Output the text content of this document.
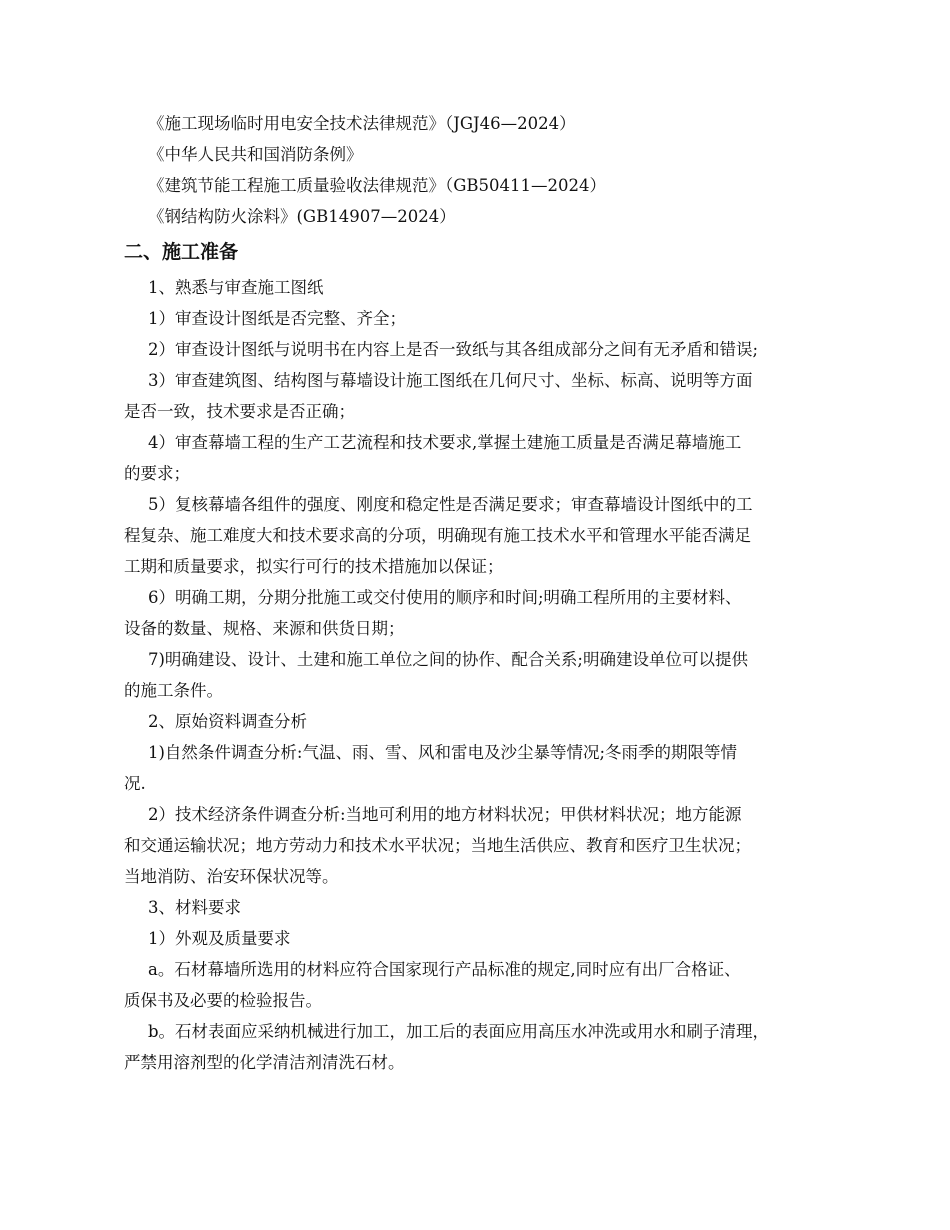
《施工现场临时用电安全技术法律规范》（JGJ46—2024）
《中华人民共和国消防条例》
《建筑节能工程施工质量验收法律规范》（GB50411—2024）
《钢结构防火涂料》(GB14907—2024）
二、施工准备
1、熟悉与审查施工图纸
1）审查设计图纸是否完整、齐全；
2）审查设计图纸与说明书在内容上是否一致纸与其各组成部分之间有无矛盾和错误;
3）审查建筑图、结构图与幕墙设计施工图纸在几何尺寸、坐标、标高、说明等方面
是否一致，技术要求是否正确；
4）审查幕墙工程的生产工艺流程和技术要求,掌握土建施工质量是否满足幕墙施工
的要求；
5）复核幕墙各组件的强度、刚度和稳定性是否满足要求；审查幕墙设计图纸中的工
程复杂、施工难度大和技术要求高的分项，明确现有施工技术水平和管理水平能否满足
工期和质量要求，拟实行可行的技术措施加以保证；
6）明确工期，分期分批施工或交付使用的顺序和时间;明确工程所用的主要材料、
设备的数量、规格、来源和供货日期；
7)明确建设、设计、土建和施工单位之间的协作、配合关系;明确建设单位可以提供
的施工条件。
2、原始资料调查分析
1)自然条件调查分析:气温、雨、雪、风和雷电及沙尘暴等情况;冬雨季的期限等情
况.
2）技术经济条件调查分析:当地可利用的地方材料状况；甲供材料状况；地方能源
和交通运输状况；地方劳动力和技术水平状况；当地生活供应、教育和医疗卫生状况；
当地消防、治安环保状况等。
3、材料要求
1）外观及质量要求
a。石材幕墙所选用的材料应符合国家现行产品标准的规定,同时应有出厂合格证、
质保书及必要的检验报告。
b。石材表面应采纳机械进行加工，加工后的表面应用高压水冲洗或用水和刷子清理，
严禁用溶剂型的化学清洁剂清洗石材。
